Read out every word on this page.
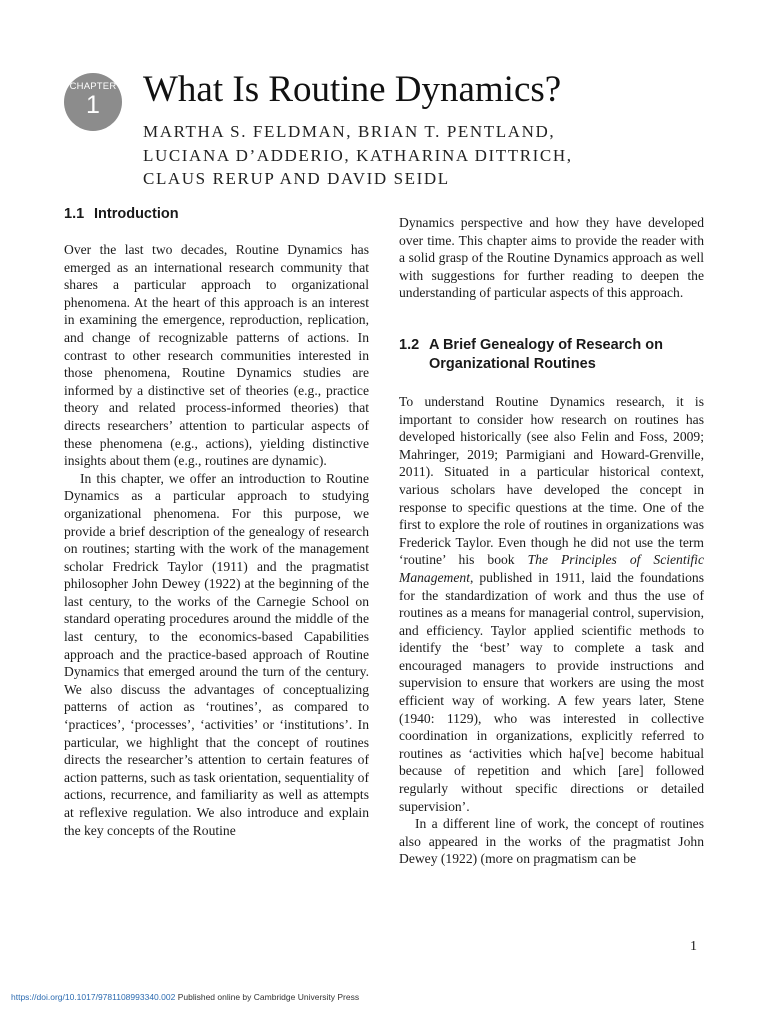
CHAPTER
1	What Is Routine Dynamics?
MARTHA S. FELDMAN, BRIAN T. PENTLAND,
LUCIANA D’ADDERIO, KATHARINA DITTRICH,
CLAUS RERUP AND DAVID SEIDL
1.1 Introduction

Over the last two decades, Routine Dynamics has emerged as an international research community that shares a particular approach to organizational phenomena. At the heart of this approach is an interest in examining the emergence, reproduction, replication, and change of recognizable patterns of actions. In contrast to other research communities interested in those phenomena, Routine Dynamics studies are informed by a distinctive set of theories (e.g., practice theory and related process-informed theories) that directs researchers’ attention to particular aspects of these phenomena (e.g., actions), yielding distinctive insights about them (e.g., routines are dynamic).

In this chapter, we offer an introduction to Routine Dynamics as a particular approach to studying organizational phenomena. For this purpose, we provide a brief description of the genealogy of research on routines; starting with the work of the management scholar Fredrick Taylor (1911) and the pragmatist philosopher John Dewey (1922) at the beginning of the last century, to the works of the Carnegie School on standard operating procedures around the middle of the last century, to the economics-based Capabilities approach and the practice-based approach of Routine Dynamics that emerged around the turn of the century. We also discuss the advantages of conceptualizing patterns of action as ‘routines’, as compared to ‘practices’, ‘processes’, ‘activities’ or ‘institutions’. In particular, we highlight that the concept of routines directs the researcher’s attention to certain features of action patterns, such as task orientation, sequentiality of actions, recurrence, and familiarity as well as attempts at reflexive regulation. We also introduce and explain the key concepts of the Routine

Dynamics perspective and how they have developed over time. This chapter aims to provide the reader with a solid grasp of the Routine Dynamics approach as well with suggestions for further reading to deepen the understanding of particular aspects of this approach.

1.2 A Brief Genealogy of Research on
Organizational Routines

To understand Routine Dynamics research, it is important to consider how research on routines has developed historically (see also Felin and Foss, 2009; Mahringer, 2019; Parmigiani and Howard-Grenville, 2011). Situated in a particular historical context, various scholars have developed the concept in response to specific questions at the time. One of the first to explore the role of routines in organizations was Frederick Taylor. Even though he did not use the term ‘routine’ his book The Principles of Scientific Management, published in 1911, laid the foundations for the standardization of work and thus the use of routines as a means for managerial control, supervision, and efficiency. Taylor applied scientific methods to identify the ‘best’ way to complete a task and encouraged managers to provide instructions and supervision to ensure that workers are using the most efficient way of working. A few years later, Stene (1940: 1129), who was interested in collective coordination in organizations, explicitly referred to routines as ‘activities which ha[ve] become habitual because of repetition and which [are] followed regularly without specific directions or detailed supervision’.

In a different line of work, the concept of routines also appeared in the works of the pragmatist John Dewey (1922) (more on pragmatism can be

1
https://doi.org/10.1017/9781108993340.002 Published online by Cambridge University Press
